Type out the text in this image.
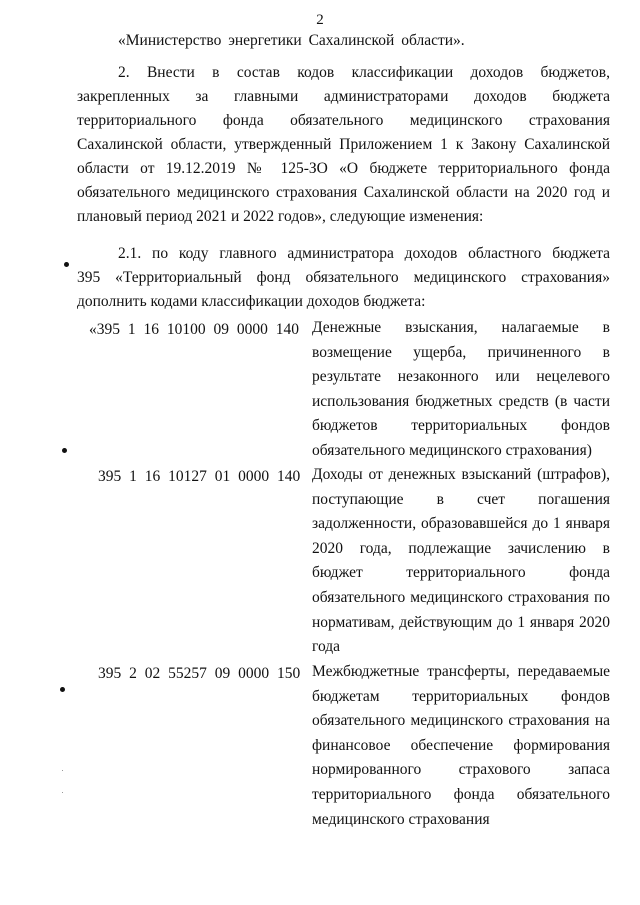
2
«Министерство энергетики Сахалинской области».
2. Внести в состав кодов классификации доходов бюджетов,
закрепленных за главными администраторами доходов бюджета
территориального фонда обязательного медицинского страхования
Сахалинской области, утвержденный Приложением 1 к Закону Сахалинской
области от 19.12.2019 № 125-ЗО «О бюджете территориального фонда
обязательного медицинского страхования Сахалинской области на 2020 год и
плановый период 2021 и 2022 годов», следующие изменения:
2.1. по коду главного администратора доходов областного бюджета
395 «Территориальный фонд обязательного медицинского страхования»
дополнить кодами классификации доходов бюджета:
«395 1 16 10100 09 0000 140 Денежные взыскания, налагаемые в возмещение ущерба, причиненного в результате незаконного или нецелевого использования бюджетных средств (в части бюджетов территориальных фондов обязательного медицинского страхования)
395 1 16 10127 01 0000 140 Доходы от денежных взысканий (штрафов), поступающие в счет погашения задолженности, образовавшейся до 1 января 2020 года, подлежащие зачислению в бюджет территориального фонда обязательного медицинского страхования по нормативам, действующим до 1 января 2020 года
395 2 02 55257 09 0000 150 Межбюджетные трансферты, передаваемые бюджетам территориальных фондов обязательного медицинского страхования на финансовое обеспечение формирования нормированного страхового запаса территориального фонда обязательного медицинского страхования
